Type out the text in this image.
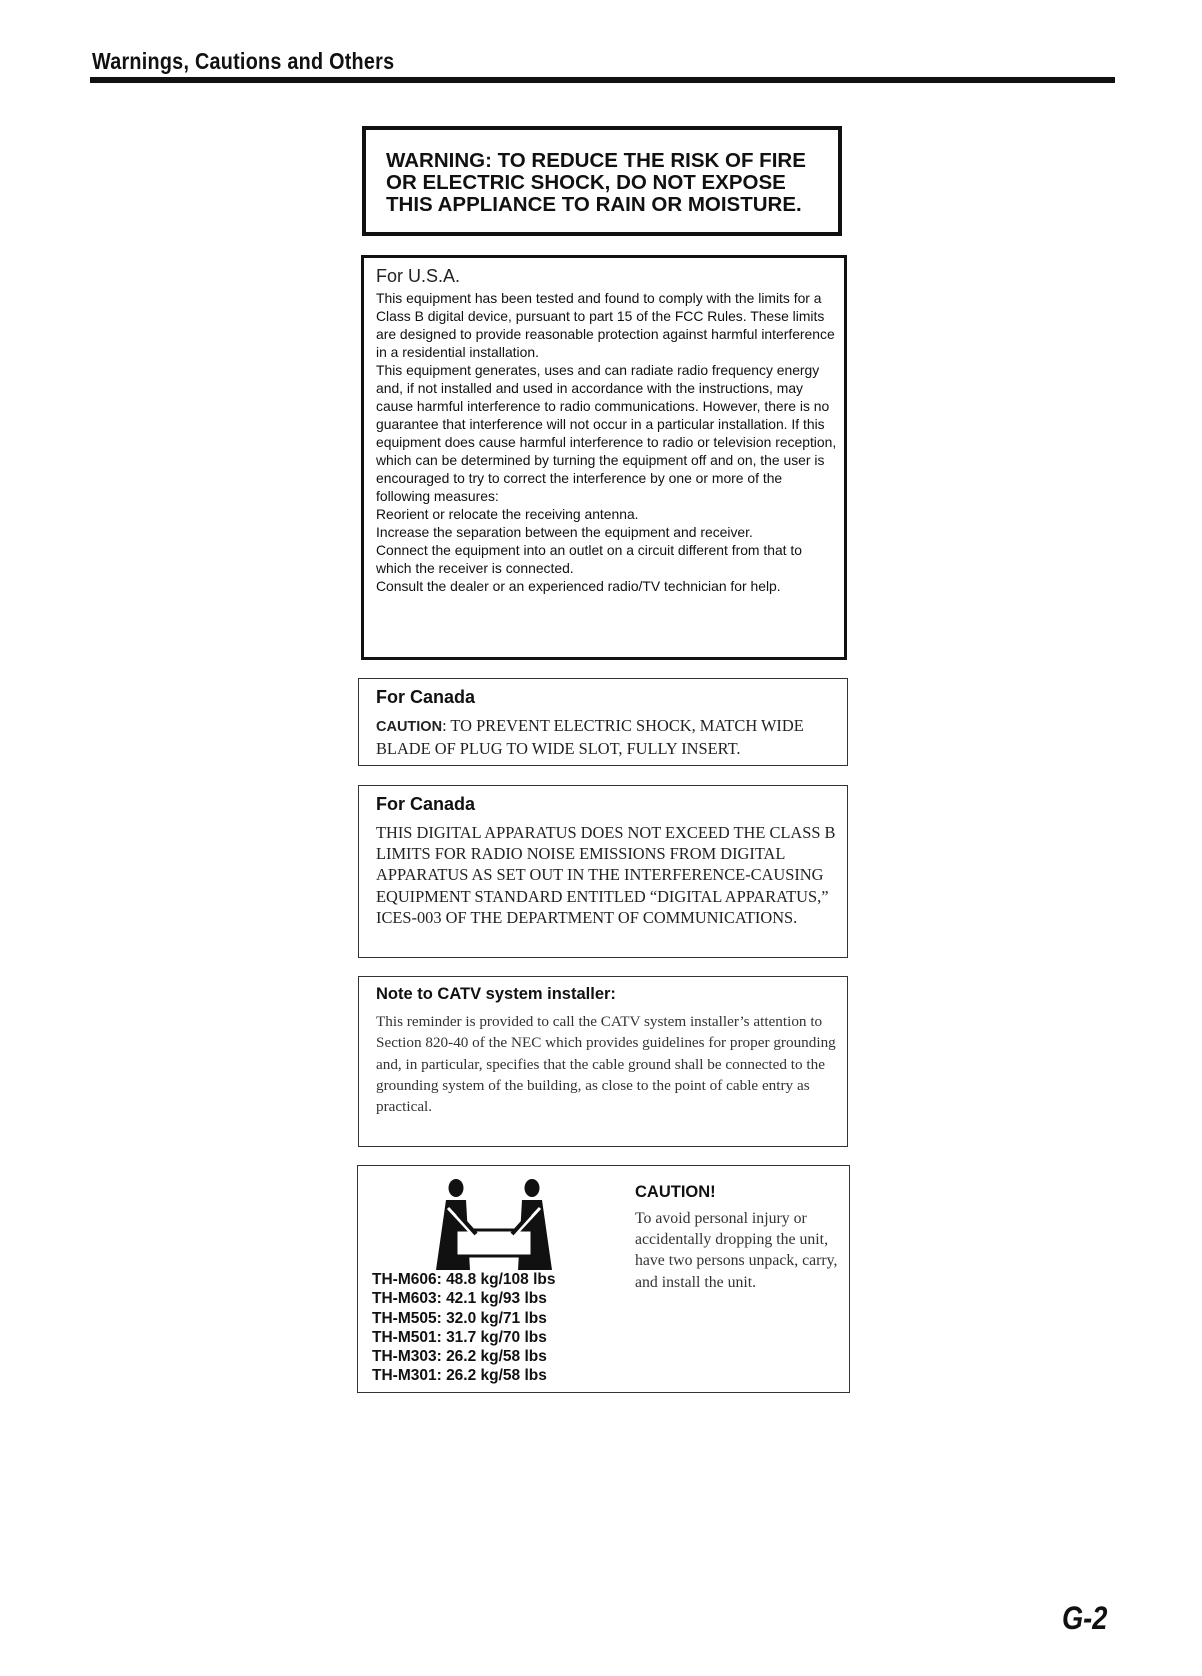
Warnings, Cautions and Others
WARNING: TO REDUCE THE RISK OF FIRE
OR ELECTRIC SHOCK, DO NOT EXPOSE
THIS APPLIANCE TO RAIN OR MOISTURE.
For U.S.A.

This equipment has been tested and found to comply with the limits for a Class B digital device, pursuant to part 15 of the FCC Rules. These limits are designed to provide reasonable protection against harmful interference in a residential installation.

This equipment generates, uses and can radiate radio frequency energy and, if not installed and used in accordance with the instructions, may cause harmful interference to radio communications. However, there is no guarantee that interference will not occur in a particular installation. If this equipment does cause harmful interference to radio or television reception, which can be determined by turning the equipment off and on, the user is encouraged to try to correct the interference by one or more of the following measures:

Reorient or relocate the receiving antenna.

Increase the separation between the equipment and receiver.

Connect the equipment into an outlet on a circuit different from that to which the receiver is connected.

Consult the dealer or an experienced radio/TV technician for help.

For Canada
CAUTION: TO PREVENT ELECTRIC SHOCK, MATCH WIDE BLADE OF PLUG TO WIDE SLOT, FULLY INSERT.
For Canada
THIS DIGITAL APPARATUS DOES NOT EXCEED THE CLASS B LIMITS FOR RADIO NOISE EMISSIONS FROM DIGITAL APPARATUS AS SET OUT IN THE INTERFERENCE-CAUSING EQUIPMENT STANDARD ENTITLED “DIGITAL APPARATUS,” ICES-003 OF THE DEPARTMENT OF COMMUNICATIONS.
Note to CATV system installer:
This reminder is provided to call the CATV system installer’s attention to Section 820-40 of the NEC which provides guidelines for proper grounding and, in particular, specifies that the cable ground shall be connected to the grounding system of the building, as close to the point of cable entry as practical.
TH-M606: 48.8 kg/108 lbs
TH-M603: 42.1 kg/93 lbs
TH-M505: 32.0 kg/71 lbs
TH-M501: 31.7 kg/70 lbs
TH-M303: 26.2 kg/58 lbs
TH-M301: 26.2 kg/58 lbs
CAUTION!
To avoid personal injury or accidentally dropping the unit, have two persons unpack, carry, and install the unit.
G-2
